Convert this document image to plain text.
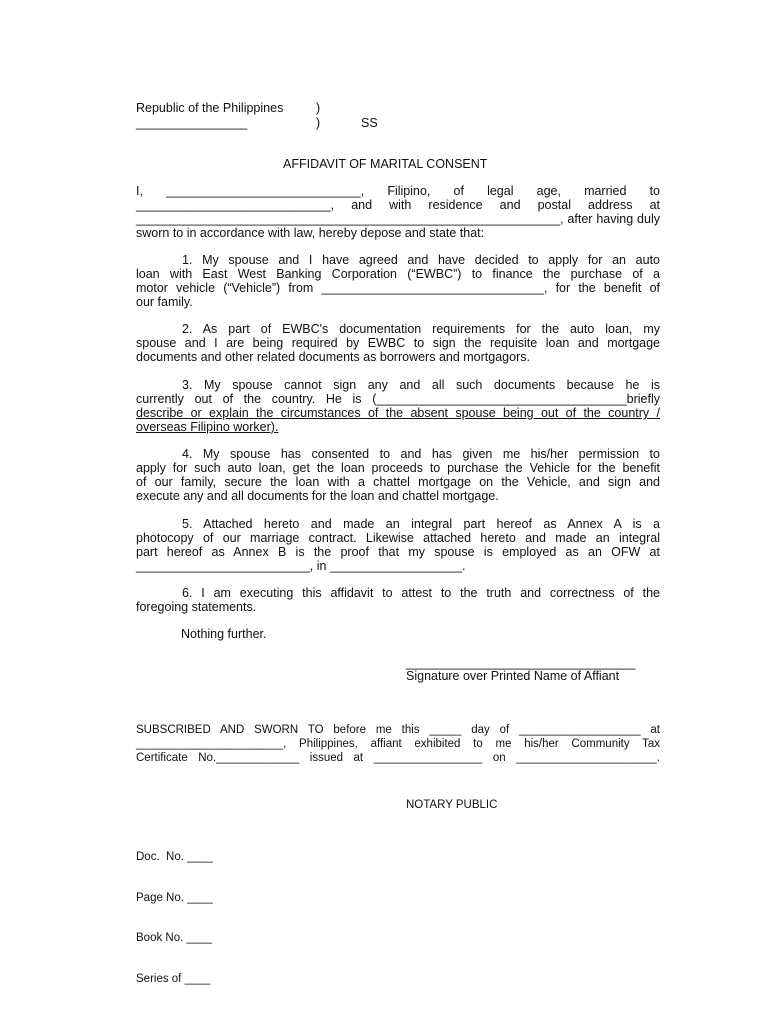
Republic of the Philippines	)
________________	)	SS
AFFIDAVIT OF MARITAL CONSENT
I, ____________________________, Filipino, of legal age, married to
____________________________, and with residence and postal address at
_____________________________________________________________, after having duly
sworn to in accordance with law, hereby depose and state that:
1. My spouse and I have agreed and have decided to apply for an auto
loan with East West Banking Corporation (“EWBC”) to finance the purchase of a
motor vehicle (“Vehicle”) from ________________________________, for the benefit of
our family.
2. As part of EWBC's documentation requirements for the auto loan, my
spouse and I are being required by EWBC to sign the requisite loan and mortgage
documents and other related documents as borrowers and mortgagors.
3. My spouse cannot sign any and all such documents because he is
currently out of the country. He is (____________________________________briefly
describe or explain the circumstances of the absent spouse being out of the country /
overseas Filipino worker).
4. My spouse has consented to and has given me his/her permission to
apply for such auto loan, get the loan proceeds to purchase the Vehicle for the benefit
of our family, secure the loan with a chattel mortgage on the Vehicle, and sign and
execute any and all documents for the loan and chattel mortgage.
5. Attached hereto and made an integral part hereof as Annex A is a
photocopy of our marriage contract. Likewise attached hereto and made an integral
part hereof as Annex B is the proof that my spouse is employed as an OFW at
_________________________, in ___________________.
6. I am executing this affidavit to attest to the truth and correctness of the
foregoing statements.
Nothing further.
_________________________________
Signature over Printed Name of Affiant
SUBSCRIBED AND SWORN TO before me this _____ day of ___________________ at
_______________________, Philippines, affiant exhibited to me his/her Community Tax
Certificate No._____________ issued at _________________ on ______________________.
NOTARY PUBLIC

Doc.  No. ____

Page No. ____

Book No. ____

Series of ____
